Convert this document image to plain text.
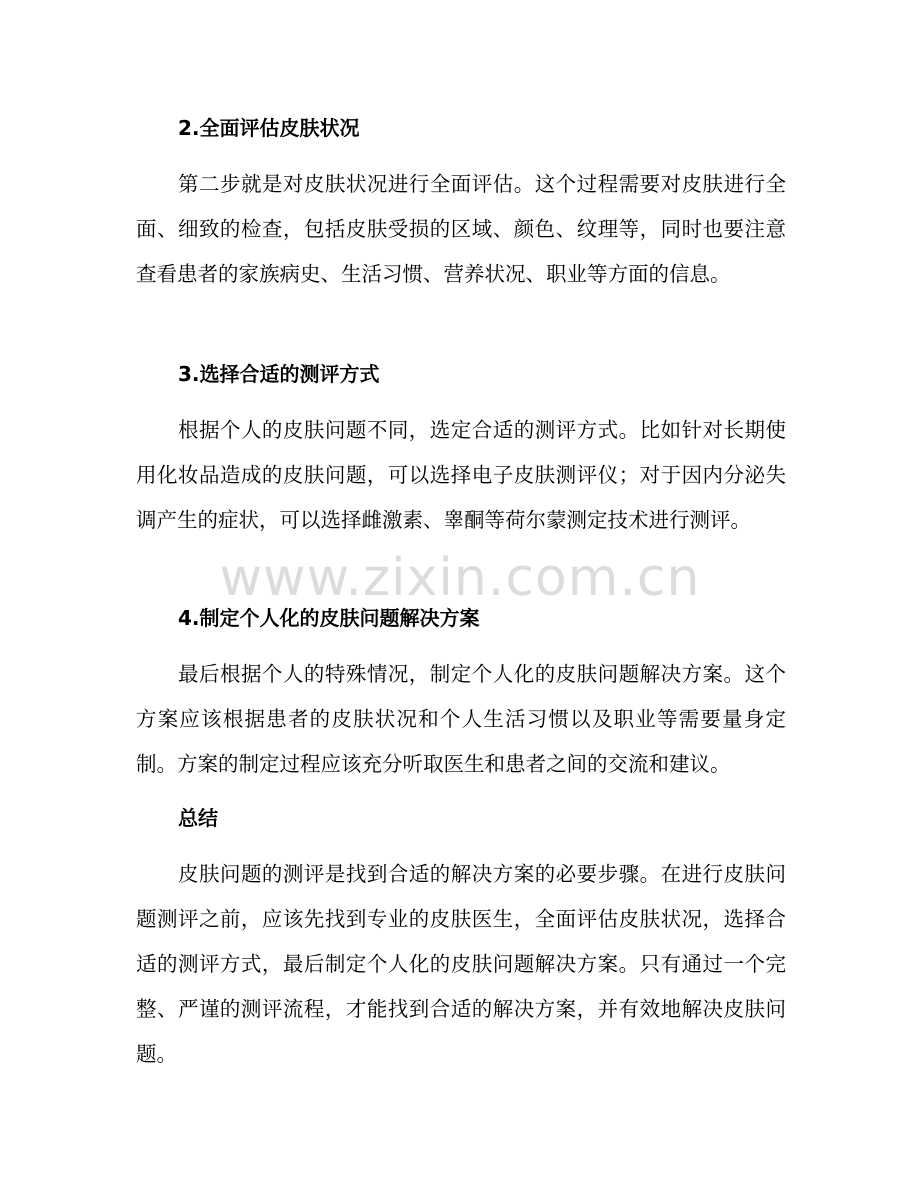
www.zixin.com.cn
2.全面评估皮肤状况

第二步就是对皮肤状况进行全面评估。这个过程需要对皮肤进行全面、细致的检查，包括皮肤受损的区域、颜色、纹理等，同时也要注意查看患者的家族病史、生活习惯、营养状况、职业等方面的信息。

3.选择合适的测评方式

根据个人的皮肤问题不同，选定合适的测评方式。比如针对长期使用化妆品造成的皮肤问题，可以选择电子皮肤测评仪；对于因内分泌失调产生的症状，可以选择雌激素、睾酮等荷尔蒙测定技术进行测评。

4.制定个人化的皮肤问题解决方案

最后根据个人的特殊情况，制定个人化的皮肤问题解决方案。这个方案应该根据患者的皮肤状况和个人生活习惯以及职业等需要量身定制。方案的制定过程应该充分听取医生和患者之间的交流和建议。

总结

皮肤问题的测评是找到合适的解决方案的必要步骤。在进行皮肤问题测评之前，应该先找到专业的皮肤医生，全面评估皮肤状况，选择合适的测评方式，最后制定个人化的皮肤问题解决方案。只有通过一个完整、严谨的测评流程，才能找到合适的解决方案，并有效地解决皮肤问题。
